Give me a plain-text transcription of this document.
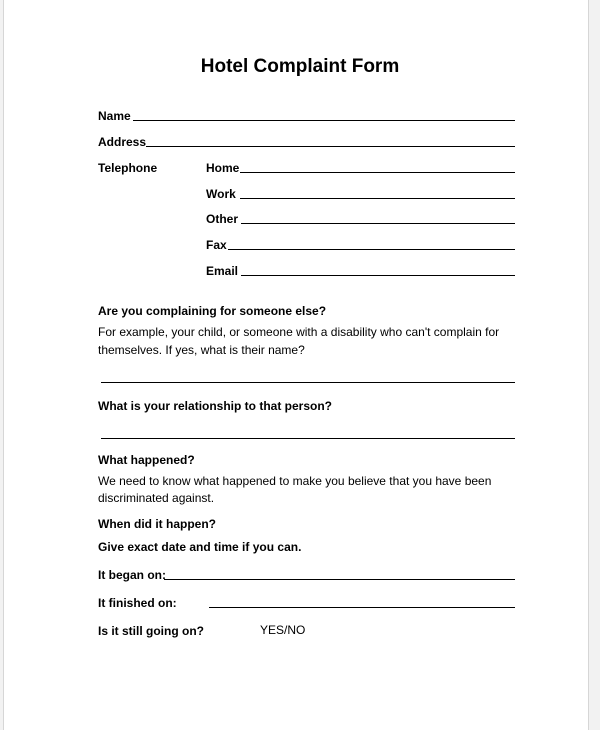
Hotel Complaint Form
Name
Address
Telephone	Home
Work
Other
Fax
Email
Are you complaining for someone else?
For example, your child, or someone with a disability who can't complain for
themselves. If yes, what is their name?
What is your relationship to that person?
What happened?
We need to know what happened to make you believe that you have been
discriminated against.
When did it happen?
Give exact date and time if you can.
It began on:
It finished on:
Is it still going on?	YES/NO
